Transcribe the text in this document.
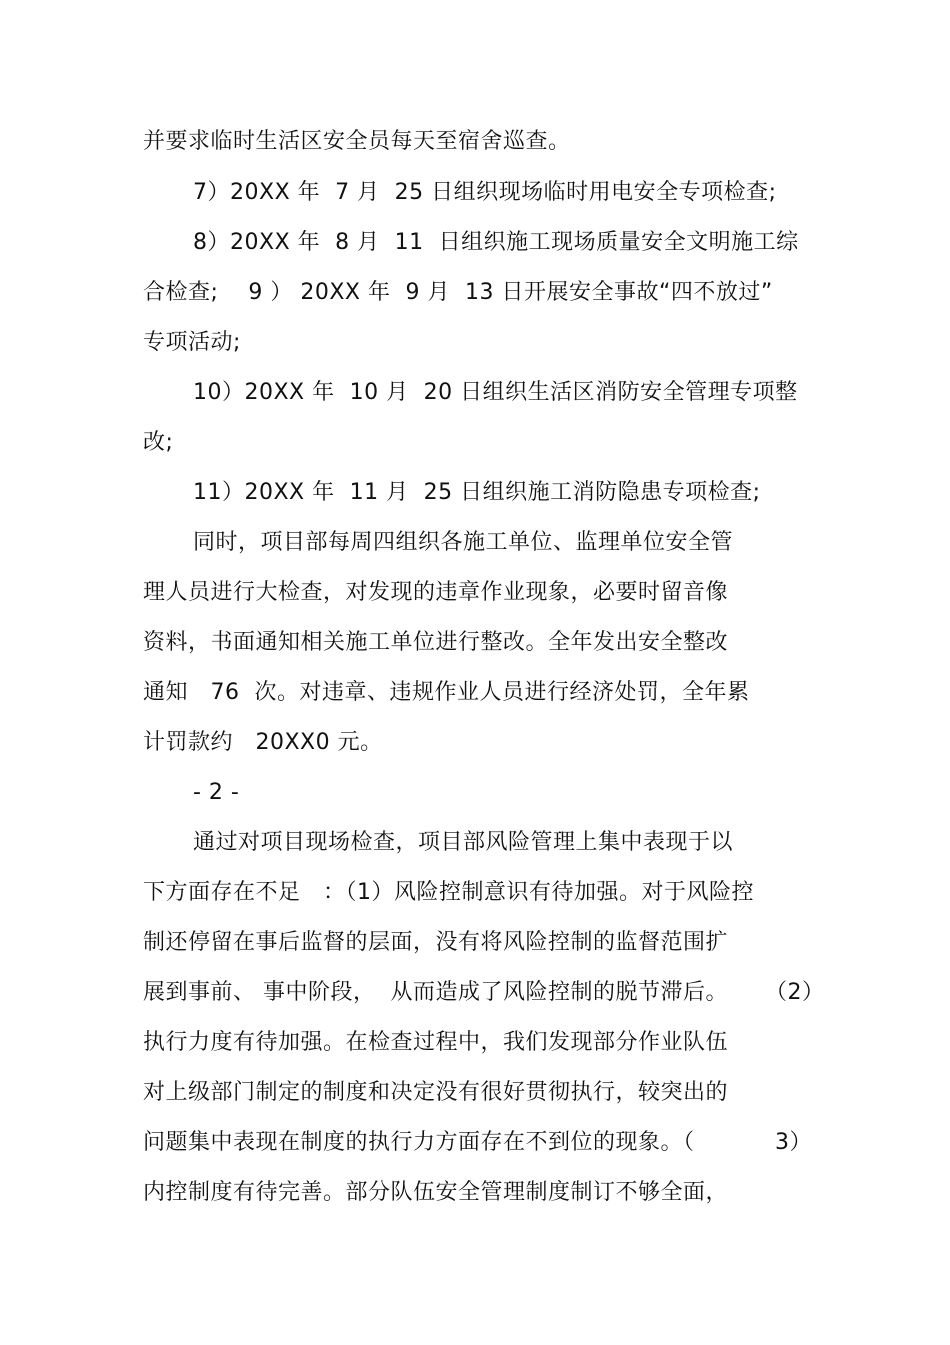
并要求临时生活区安全员每天至宿舍巡查。
7）20XX 年  7 月  25 日组织现场临时用电安全专项检查;
8）20XX 年  8 月  11  日组织施工现场质量安全文明施工综
合检查;    9 ） 20XX 年  9 月  13 日开展安全事故“四不放过”
专项活动;
10）20XX 年  10 月  20 日组织生活区消防安全管理专项整
改;
11）20XX 年  11 月  25 日组织施工消防隐患专项检查;
同时，项目部每周四组织各施工单位、监理单位安全管
理人员进行大检查，对发现的违章作业现象，必要时留音像
资料，书面通知相关施工单位进行整改。全年发出安全整改
通知   76  次。对违章、违规作业人员进行经济处罚，全年累
计罚款约   20XX0 元。
- 2 -
通过对项目现场检查，项目部风险管理上集中表现于以
下方面存在不足   ：（1）风险控制意识有待加强。对于风险控
制还停留在事后监督的层面，没有将风险控制的监督范围扩
展到事前、 事中阶段，  从而造成了风险控制的脱节滞后。 （2）
执行力度有待加强。在检查过程中，我们发现部分作业队伍
对上级部门制定的制度和决定没有很好贯彻执行，较突出的
问题集中表现在制度的执行力方面存在不到位的现象。（	3）
内控制度有待完善。部分队伍安全管理制度制订不够全面，
